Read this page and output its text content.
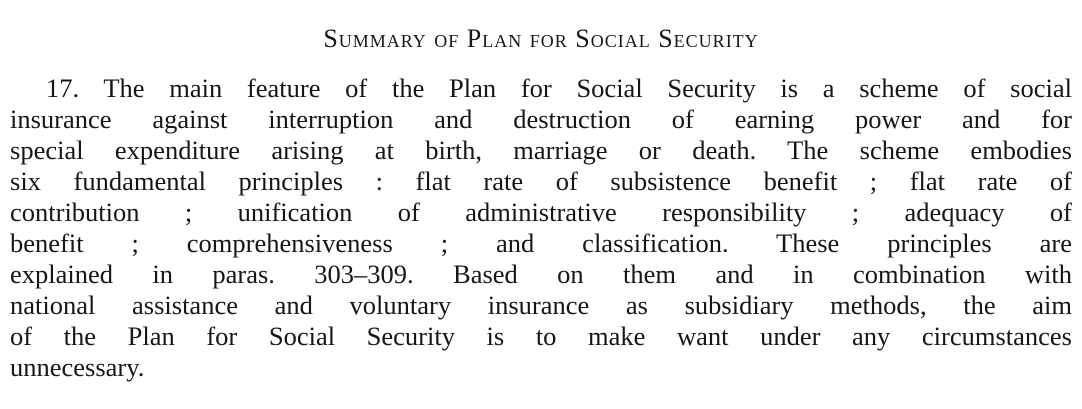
Summary of Plan for Social Security
17. The main feature of the Plan for Social Security is a scheme of social
insurance against interruption and destruction of earning power and for
special expenditure arising at birth, marriage or death. The scheme embodies
six fundamental principles : flat rate of subsistence benefit ; flat rate of
contribution ; unification of administrative responsibility ; adequacy of
benefit ; comprehensiveness ; and classification. These principles are
explained in paras. 303–309. Based on them and in combination with
national assistance and voluntary insurance as subsidiary methods, the aim
of the Plan for Social Security is to make want under any circumstances
unnecessary.
